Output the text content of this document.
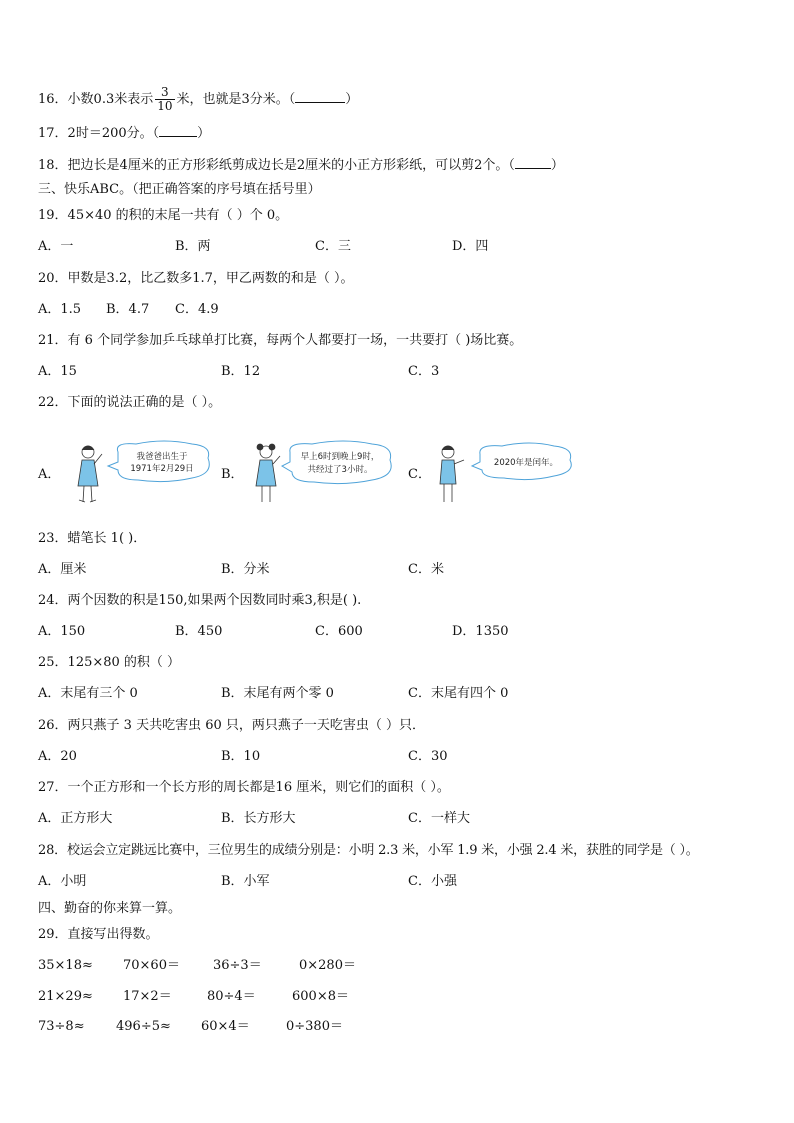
16．小数0.3米表示 $\frac{3}{10}$ 米，也就是3分米。（	）
17．2时＝200分。（	）
18．把边长是4厘米的正方形彩纸剪成边长是2厘米的小正方形彩纸，可以剪2个。（	）
三、快乐ABC。（把正确答案的序号填在括号里）
19．45×40 的积的末尾一共有（ ）个 0。
A．一	B．两	C．三	D．四
20．甲数是3.2，比乙数多1.7，甲乙两数的和是（ ）。
A．1.5 B．4.7 C．4.9
21．有 6 个同学参加乒乓球单打比赛，每两个人都要打一场，一共要打（ )场比赛。
A．15	B．12	C．3
22．下面的说法正确的是（ ）。
A．
我爸爸出生于
1971年2月29日 B．
早上6时到晚上9时，
共经过了3小时。	C．
2020年是闰年。
23．蜡笔长 1( )．
A．厘米	B．分米	C．米
24．两个因数的积是150,如果两个因数同时乘3,积是( ).
A．150	B．450	C．600	D．1350
25．125×80 的积（ ）
A．末尾有三个 0	B．末尾有两个零 0	C．末尾有四个 0
26．两只燕子 3 天共吃害虫 60 只，两只燕子一天吃害虫（ ）只．
A．20	B．10	C．30
27．一个正方形和一个长方形的周长都是16 厘米，则它们的面积（ ）。
A．正方形大	B．长方形大	C．一样大
28．校运会立定跳远比赛中，三位男生的成绩分别是：小明 2.3 米，小军 1.9 米，小强 2.4 米，获胜的同学是（ ）。
A．小明	B．小军	C．小强
四、勤奋的你来算一算。
29．直接写出得数。
35×18≈ 70×60＝	36÷3＝	0×280＝
21×29≈ 17×2＝	80÷4＝	600×8＝
73÷8≈ 496÷5≈ 60×4＝	0÷380＝
